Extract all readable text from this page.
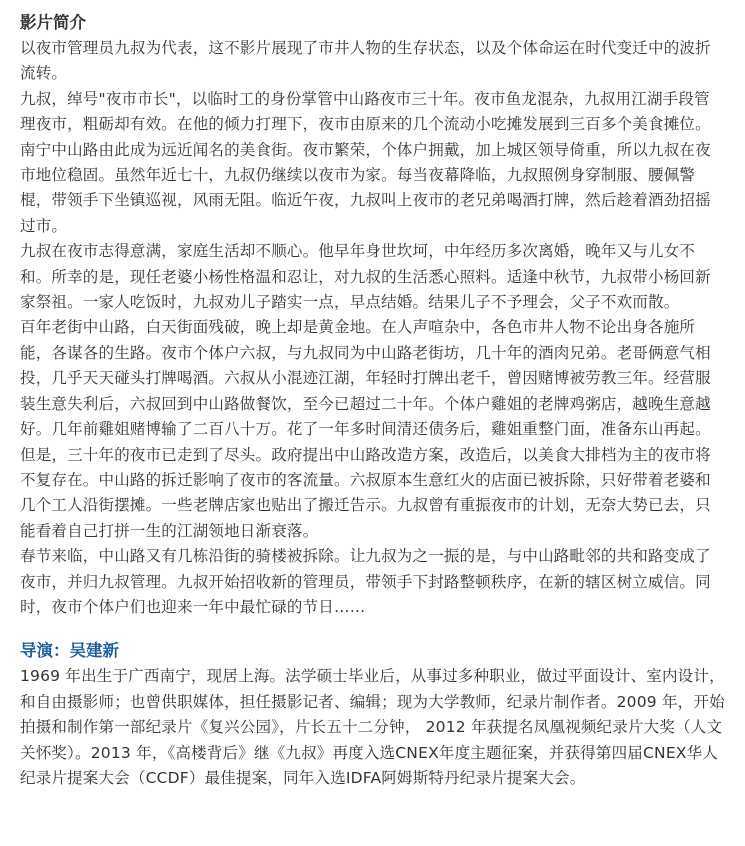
影片简介

以夜市管理员九叔为代表，这不影片展现了市井人物的生存状态，以及个体命运在时代变迁中的波折流转。

九叔，绰号"夜市市长"，以临时工的身份掌管中山路夜市三十年。夜市鱼龙混杂，九叔用江湖手段管理夜市，粗砺却有效。在他的倾力打理下，夜市由原来的几个流动小吃摊发展到三百多个美食摊位。南宁中山路由此成为远近闻名的美食街。夜市繁荣，个体户拥戴，加上城区领导倚重，所以九叔在夜市地位稳固。虽然年近七十，九叔仍继续以夜市为家。每当夜幕降临，九叔照例身穿制服、腰佩警棍，带领手下坐镇巡视，风雨无阻。临近午夜，九叔叫上夜市的老兄弟喝酒打牌，然后趁着酒劲招摇过市。

九叔在夜市志得意满，家庭生活却不顺心。他早年身世坎坷，中年经历多次离婚，晚年又与儿女不和。所幸的是，现任老婆小杨性格温和忍让，对九叔的生活悉心照料。适逢中秋节，九叔带小杨回新家祭祖。一家人吃饭时，九叔劝儿子踏实一点，早点结婚。结果儿子不予理会，父子不欢而散。

百年老街中山路，白天街面残破，晚上却是黄金地。在人声喧杂中，各色市井人物不论出身各施所能，各谋各的生路。夜市个体户六叔，与九叔同为中山路老街坊，几十年的酒肉兄弟。老哥俩意气相投，几乎天天碰头打牌喝酒。六叔从小混迹江湖，年轻时打牌出老千，曾因赌博被劳教三年。经营服装生意失利后，六叔回到中山路做餐饮，至今已超过二十年。个体户雞姐的老牌鸡粥店，越晚生意越好。几年前雞姐赌博输了二百八十万。花了一年多时间清还债务后，雞姐重整门面，准备东山再起。

但是，三十年的夜市已走到了尽头。政府提出中山路改造方案，改造后，以美食大排档为主的夜市将不复存在。中山路的拆迁影响了夜市的客流量。六叔原本生意红火的店面已被拆除，只好带着老婆和几个工人沿街摆摊。一些老牌店家也贴出了搬迁告示。九叔曾有重振夜市的计划，无奈大势已去，只能看着自己打拼一生的江湖领地日渐衰落。

春节来临，中山路又有几栋沿街的骑楼被拆除。让九叔为之一振的是，与中山路毗邻的共和路变成了夜市，并归九叔管理。九叔开始招收新的管理员，带领手下封路整顿秩序，在新的辖区树立威信。同时，夜市个体户们也迎来一年中最忙碌的节日……

导演：吴建新

1969 年出生于广西南宁，现居上海。法学硕士毕业后，从事过多种职业，做过平面设计、室内设计，和自由摄影师；也曾供职媒体，担任摄影记者、编辑；现为大学教师，纪录片制作者。2009 年，开始拍摄和制作第一部纪录片《复兴公园》，片长五十二分钟， 2012 年获提名凤凰视频纪录片大奖（人文关怀奖）。2013 年，《高楼背后》继《九叔》再度入选CNEX年度主题征案，并获得第四届CNEX华人纪录片提案大会（CCDF）最佳提案，同年入选IDFA阿姆斯特丹纪录片提案大会。
